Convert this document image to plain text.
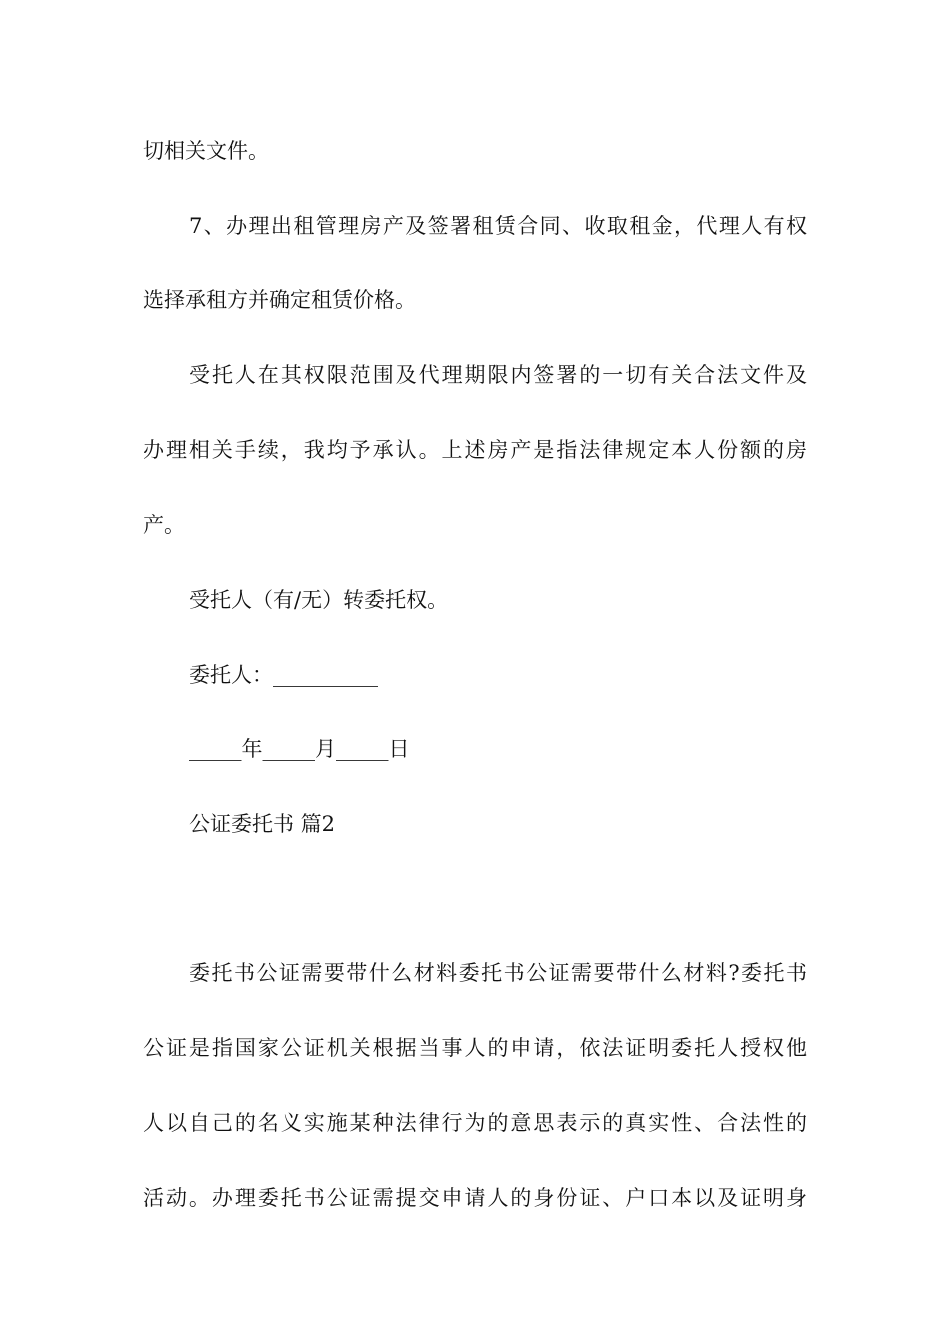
切相关文件。
7、办理出租管理房产及签署租赁合同、收取租金，代理人有权
选择承租方并确定租赁价格。
受托人在其权限范围及代理期限内签署的一切有关合法文件及
办理相关手续，我均予承认。上述房产是指法律规定本人份额的房
产。
受托人（有/无）转委托权。
委托人：__________
_____年_____月_____日
公证委托书 篇2
委托书公证需要带什么材料委托书公证需要带什么材料?委托书
公证是指国家公证机关根据当事人的申请，依法证明委托人授权他
人以自己的名义实施某种法律行为的意思表示的真实性、合法性的
活动。办理委托书公证需提交申请人的身份证、户口本以及证明身
